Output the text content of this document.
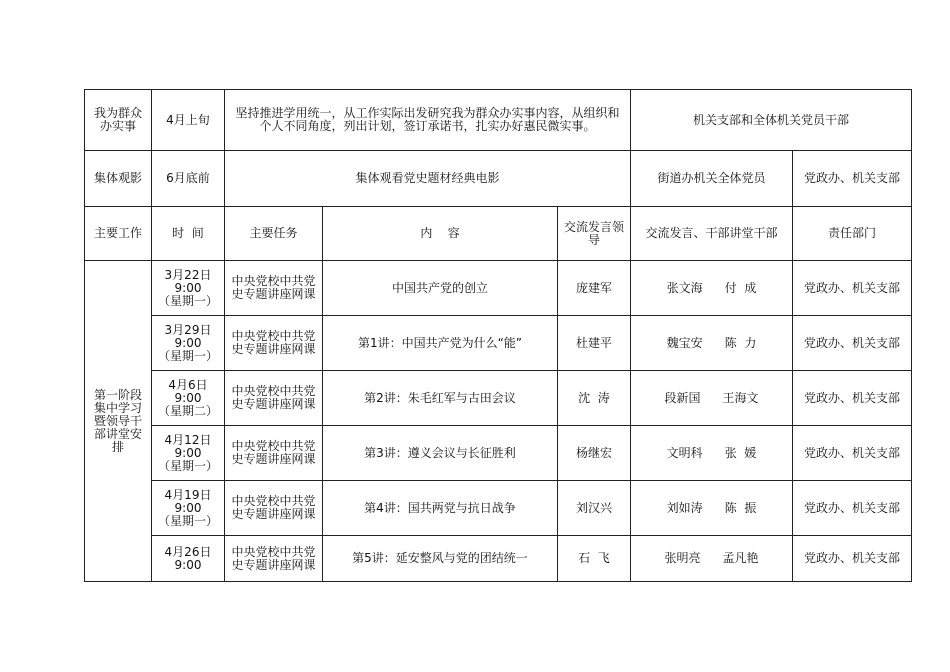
我为群众
办实事	4月上旬	坚持推进学用统一，从工作实际出发研究我为群众办实事内容，从组织和个人不同角度，列出计划，签订承诺书，扎实办好惠民微实事。			机关支部和全体机关党员干部	
集体观影	6月底前	集体观看党史题材经典电影			街道办机关全体党员	党政办、机关支部
主要工作	时  间	主要任务	内    容	交流发言领导	交流发言、干部讲堂干部	责任部门
第一阶段集中学习暨领导干部讲堂安排	3月22日
9:00
（星期一）	中央党校中共党史专题讲座网课	中国共产党的创立	庞建军	张文海 付  成	党政办、机关支部

	3月29日
9:00
（星期一）	中央党校中共党史专题讲座网课	第1讲：中国共产党为什么“能”	杜建平	魏宝安 陈  力	党政办、机关支部

	4月6日
9:00
（星期二）	中央党校中共党史专题讲座网课	第2讲：朱毛红军与古田会议	沈  涛	段新国 王海文	党政办、机关支部

	4月12日
9:00
（星期一）	中央党校中共党史专题讲座网课	第3讲：遵义会议与长征胜利	杨继宏	文明科 张  媛	党政办、机关支部

	4月19日
9:00
（星期一）	中央党校中共党史专题讲座网课	第4讲：国共两党与抗日战争	刘汉兴	刘如涛 陈  振	党政办、机关支部

	4月26日
9:00	中央党校中共党史专题讲座网课	第5讲：延安整风与党的团结统一	石  飞	张明亮 孟凡艳	党政办、机关支部
